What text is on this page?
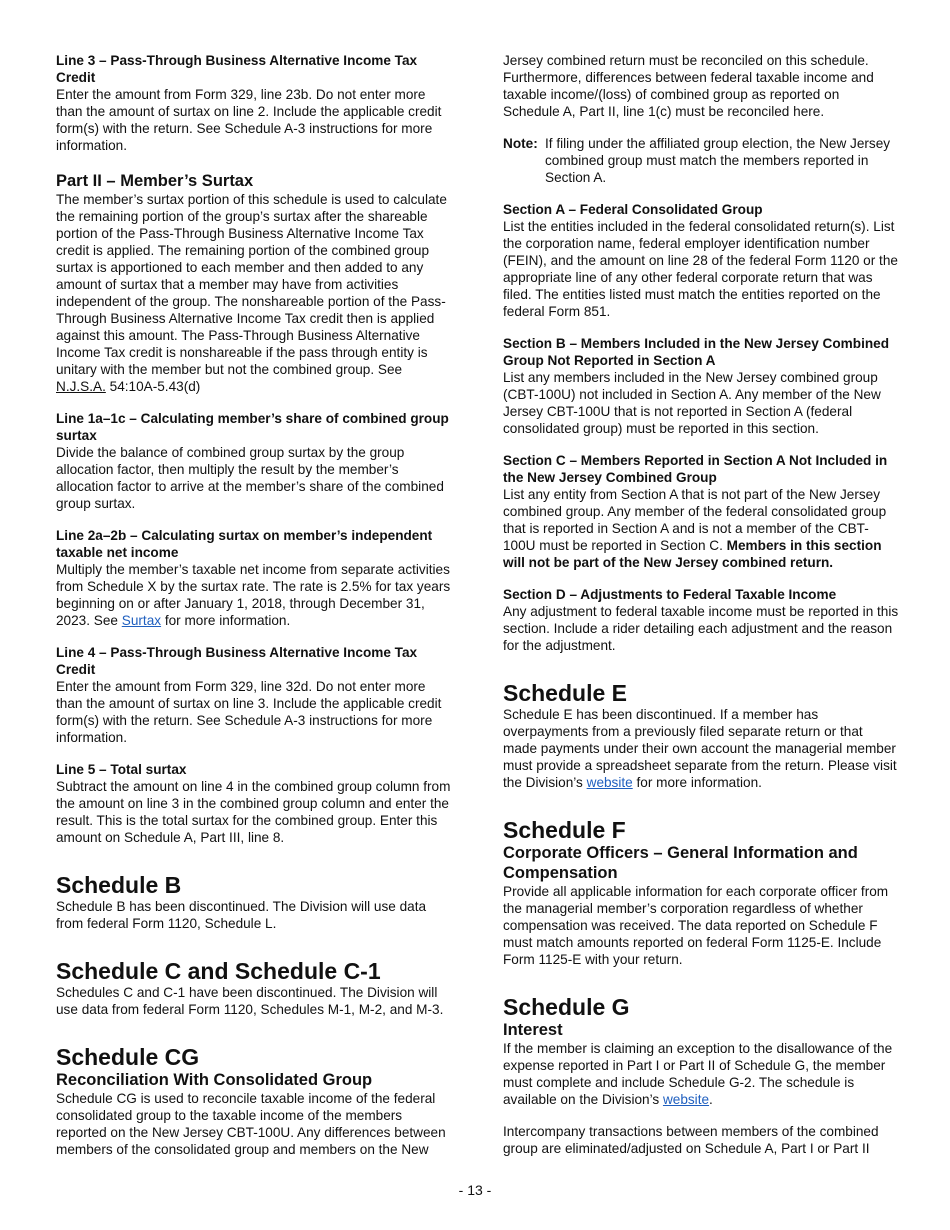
Line 3 – Pass-Through Business Alternative Income Tax Credit

Enter the amount from Form 329, line 23b. Do not enter more than the amount of surtax on line 2. Include the applicable credit form(s) with the return. See Schedule A-3 instructions for more information.

Part II – Member’s Surtax

The member’s surtax portion of this schedule is used to calculate the remaining portion of the group’s surtax after the shareable portion of the Pass-Through Business Alternative Income Tax credit is applied. The remaining portion of the combined group surtax is apportioned to each member and then added to any amount of surtax that a member may have from activities independent of the group. The nonshareable portion of the Pass-Through Business Alternative Income Tax credit then is applied against this amount. The Pass-Through Business Alternative Income Tax credit is nonshareable if the pass through entity is unitary with the member but not the combined group. See N.J.S.A. 54:10A-5.43(d)

Line 1a–1c – Calculating member’s share of combined group surtax

Divide the balance of combined group surtax by the group allocation factor, then multiply the result by the member’s allocation factor to arrive at the member’s share of the combined group surtax.

Line 2a–2b – Calculating surtax on member’s independent taxable net income

Multiply the member’s taxable net income from separate activities from Schedule X by the surtax rate. The rate is 2.5% for tax years beginning on or after January 1, 2018, through December 31, 2023. See Surtax for more information.

Line 4 – Pass-Through Business Alternative Income Tax Credit

Enter the amount from Form 329, line 32d. Do not enter more than the amount of surtax on line 3. Include the applicable credit form(s) with the return. See Schedule A-3 instructions for more information.

Line 5 – Total surtax

Subtract the amount on line 4 in the combined group column from the amount on line 3 in the combined group column and enter the result. This is the total surtax for the combined group. Enter this amount on Schedule A, Part III, line 8.

Schedule B

Schedule B has been discontinued. The Division will use data from federal Form 1120, Schedule L.

Schedule C and Schedule C-1

Schedules C and C-1 have been discontinued. The Division will use data from federal Form 1120, Schedules M-1, M-2, and M-3.

Schedule CG

Reconciliation With Consolidated Group

Schedule CG is used to reconcile taxable income of the federal consolidated group to the taxable income of the members reported on the New Jersey CBT-100U. Any differences between members of the consolidated group and members on the New

Jersey combined return must be reconciled on this schedule. Furthermore, differences between federal taxable income and taxable income/(loss) of combined group as reported on Schedule A, Part II, line 1(c) must be reconciled here.

Note: If filing under the affiliated group election, the New Jersey combined group must match the members reported in Section A.

Section A – Federal Consolidated Group

List the entities included in the federal consolidated return(s). List the corporation name, federal employer identification number (FEIN), and the amount on line 28 of the federal Form 1120 or the appropriate line of any other federal corporate return that was filed. The entities listed must match the entities reported on the federal Form 851.

Section B – Members Included in the New Jersey Combined Group Not Reported in Section A

List any members included in the New Jersey combined group (CBT-100U) not included in Section A. Any member of the New Jersey CBT-100U that is not reported in Section A (federal consolidated group) must be reported in this section.

Section C – Members Reported in Section A Not Included in the New Jersey Combined Group

List any entity from Section A that is not part of the New Jersey combined group. Any member of the federal consolidated group that is reported in Section A and is not a member of the CBT-100U must be reported in Section C. Members in this section will not be part of the New Jersey combined return.

Section D – Adjustments to Federal Taxable Income

Any adjustment to federal taxable income must be reported in this section. Include a rider detailing each adjustment and the reason for the adjustment.

Schedule E

Schedule E has been discontinued. If a member has overpayments from a previously filed separate return or that made payments under their own account the managerial member must provide a spreadsheet separate from the return. Please visit the Division’s website for more information.

Schedule F

Corporate Officers – General Information and Compensation

Provide all applicable information for each corporate officer from the managerial member’s corporation regardless of whether compensation was received. The data reported on Schedule F must match amounts reported on federal Form 1125-E. Include Form 1125-E with your return.

Schedule G

Interest

If the member is claiming an exception to the disallowance of the expense reported in Part I or Part II of Schedule G, the member must complete and include Schedule G-2. The schedule is available on the Division’s website.

Intercompany transactions between members of the combined group are eliminated/adjusted on Schedule A, Part I or Part II

- 13 -
